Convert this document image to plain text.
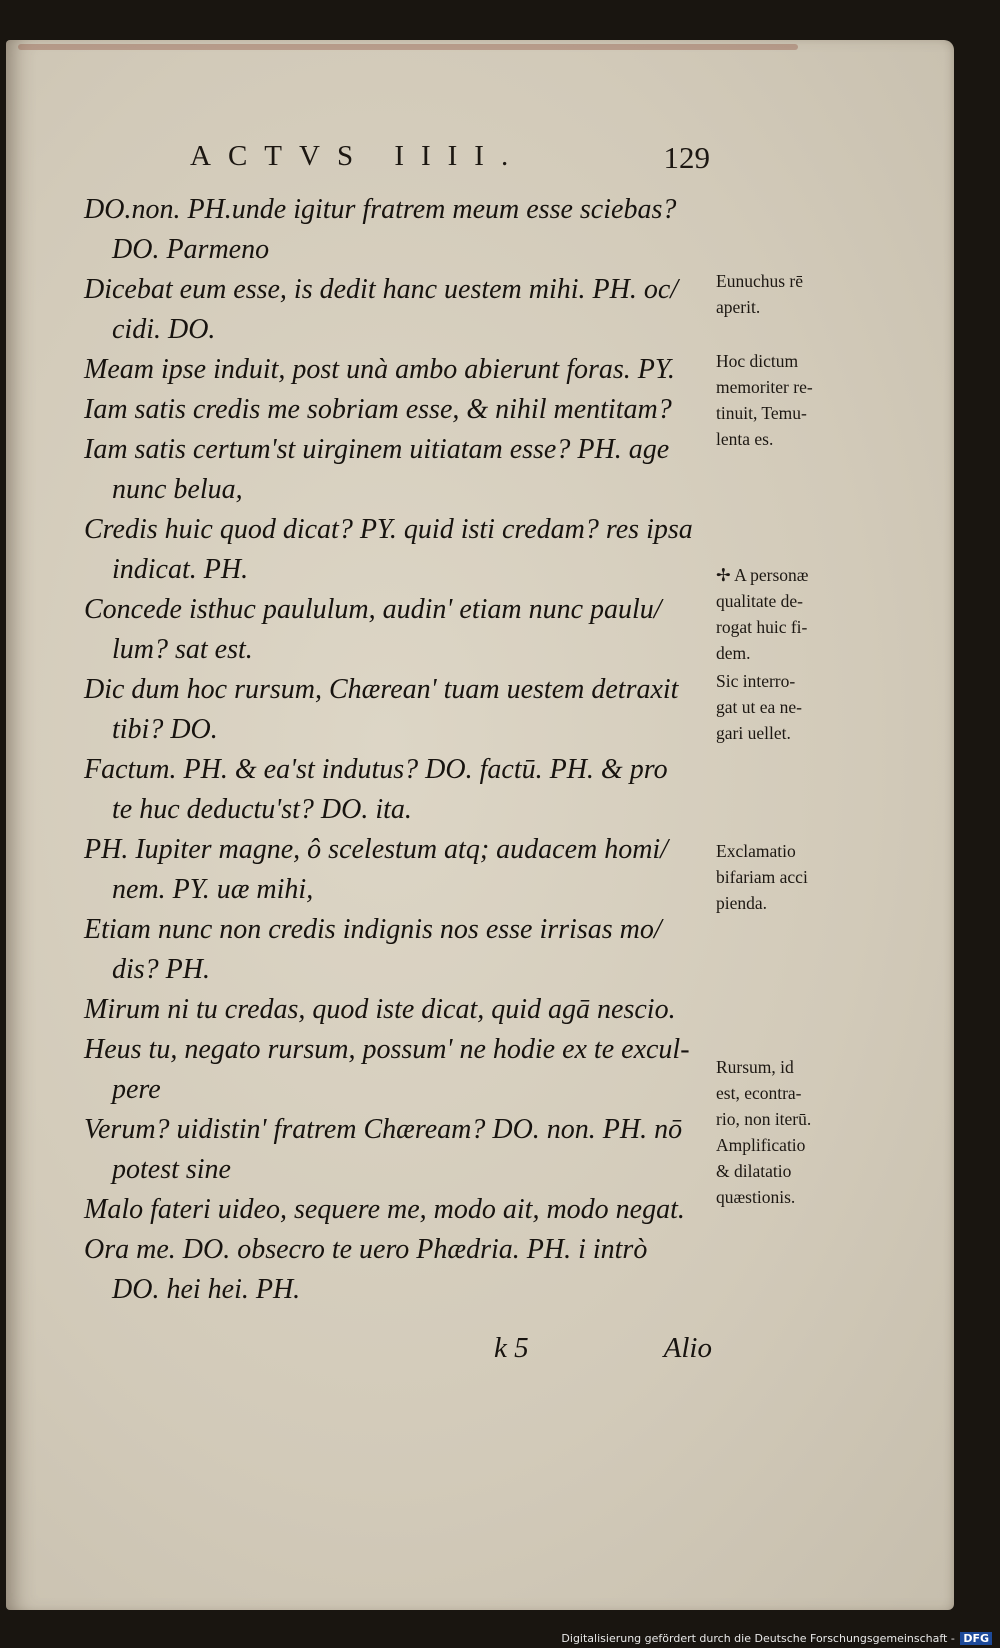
ACTVS IIII.	129
DO.non. PH.unde igitur fratrem meum esse sciebas?
DO. Parmeno
Dicebat eum esse, is dedit hanc uestem mihi. PH. oc/
cidi. DO.
Meam ipse induit, post unà ambo abierunt foras. PY.
Iam satis credis me sobriam esse, & nihil mentitam?
Iam satis certum'st uirginem uitiatam esse? PH. age
nunc belua,
Credis huic quod dicat? PY. quid isti credam? res ipsa
indicat. PH.
Concede isthuc paululum, audin' etiam nunc paulu/
lum? sat est.
Dic dum hoc rursum, Chærean' tuam uestem detraxit
tibi? DO.
Factum. PH. & ea'st indutus? DO. factū. PH. & pro
te huc deductu'st? DO. ita.
PH. Iupiter magne, ô scelestum atq; audacem homi/
nem. PY. uæ mihi,
Etiam nunc non credis indignis nos esse irrisas mo/
dis? PH.
Mirum ni tu credas, quod iste dicat, quid agā nescio.
Heus tu, negato rursum, possum' ne hodie ex te excul-
pere
Verum? uidistin' fratrem Chæream? DO. non. PH. nō
potest sine
Malo fateri uideo, sequere me, modo ait, modo negat.
Ora me. DO. obsecro te uero Phædria. PH. i intrò
DO. hei hei. PH.
Eunuchus rē
aperit.
Hoc dictum
memoriter re-
tinuit, Temu-
lenta es.
✢ A personæ
qualitate de-
rogat huic fi-
dem.
Sic interro-
gat ut ea ne-
gari uellet.
Exclamatio
bifariam acci
pienda.
Rursum, id
est, econtra-
rio, non iterū.
Amplificatio
& dilatatio
quæstionis.
k 5	Alio
Digitalisierung gefördert durch die Deutsche Forschungsgemeinschaft - DFG
